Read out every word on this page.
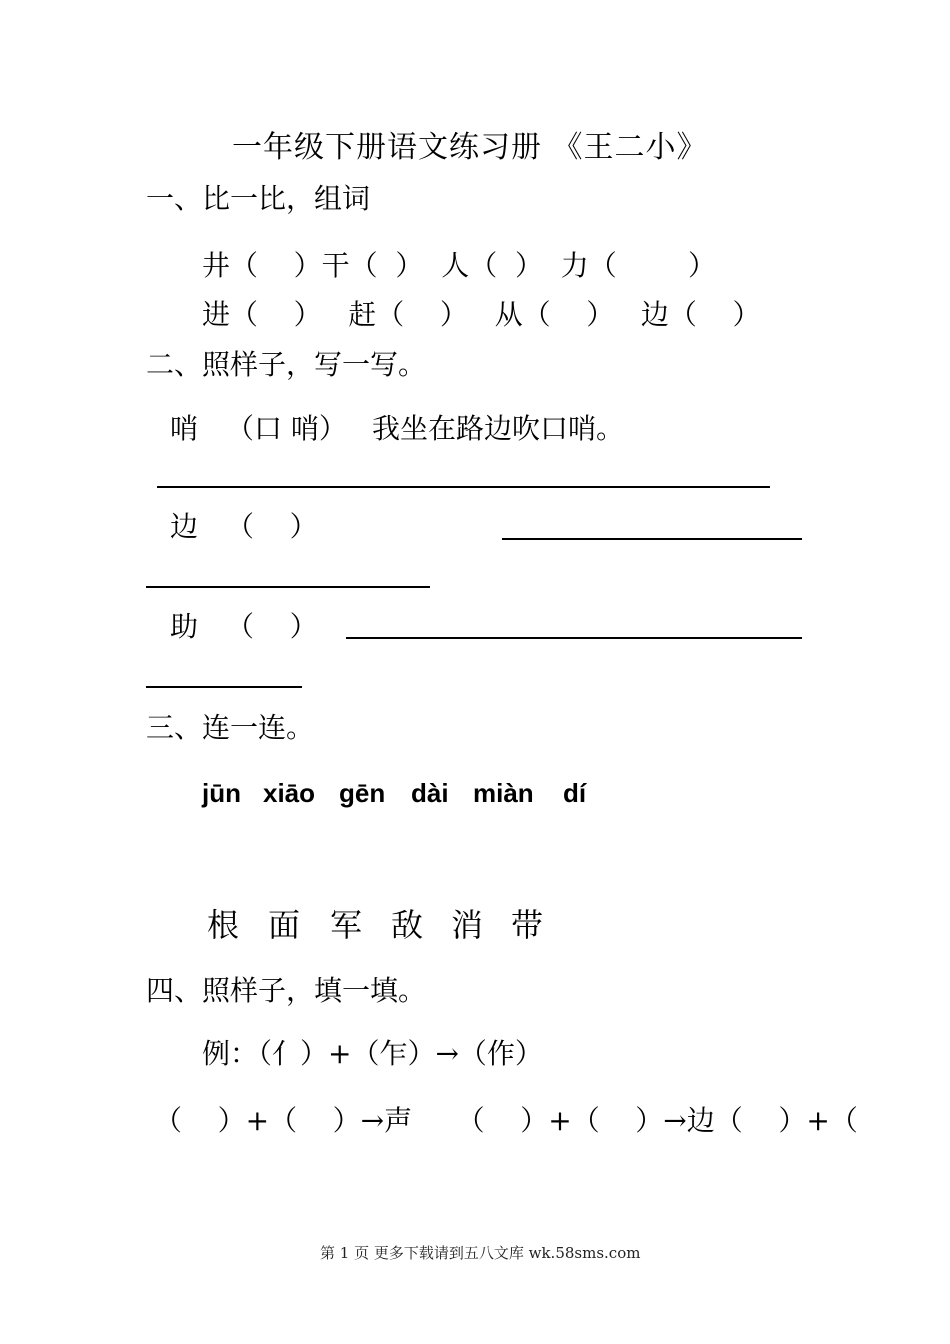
一年级下册语文练习册 《王二小》
一、比一比，组词
井（    ）干（  ）  人（  ）  力（        ）
进（    ）   赶（    ）   从（    ）   边（    ）
二、照样子，写一写。
哨 （口 哨） 我坐在路边吹口哨。
边 （    ）
助 （    ）
三、连一连。
jūn xiāo gēn dài miàn dí
根 面 军 敌 消 带
四、照样子，填一填。
例：（亻）+（乍）→（作）
（    ）+（    ）→声     （    ）+（    ）→边（    ）+（
第 1 页 更多下载请到五八文库 wk.58sms.com
